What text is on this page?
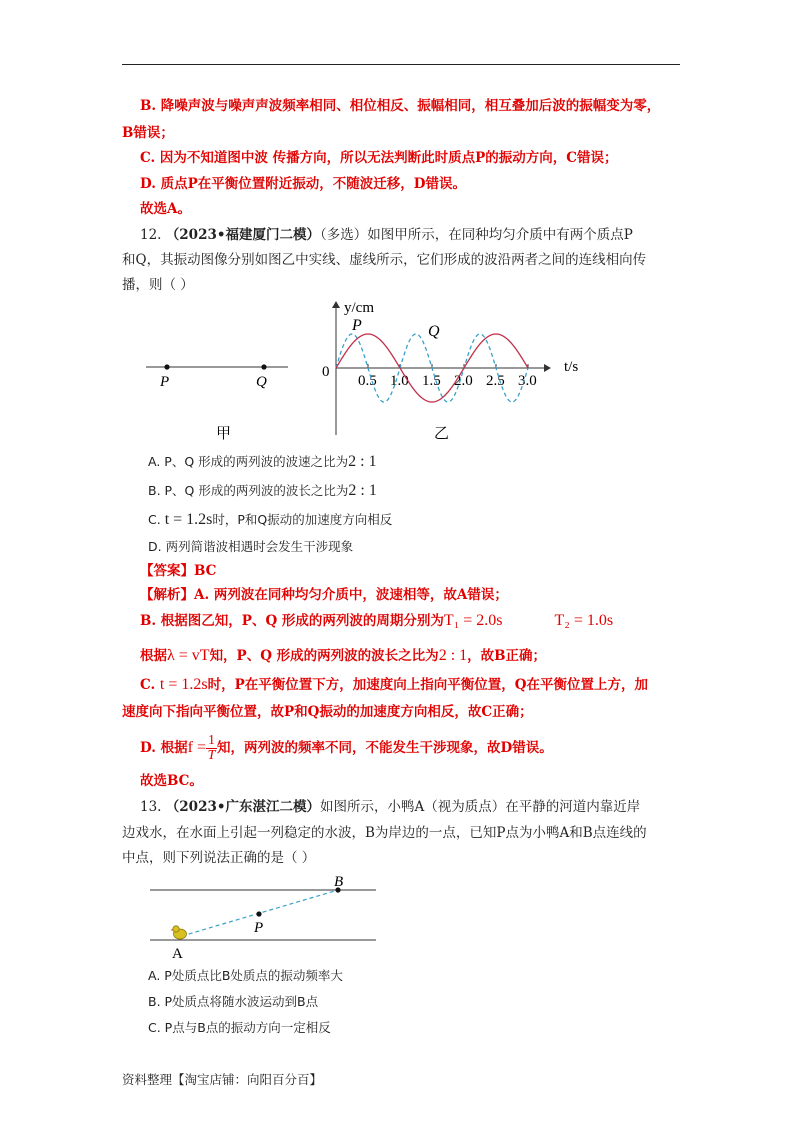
B. 降噪声波与噪声声波频率相同、相位相反、振幅相同，相互叠加后波的振幅变为零，
B错误；
C. 因为不知道图中波 传播方向，所以无法判断此时质点P的振动方向，C错误；
D. 质点P在平衡位置附近振动，不随波迁移，D错误。
故选A。
12. （2023•福建厦门二模）（多选）如图甲所示，在同种均匀介质中有两个质点P
和Q，其振动图像分别如图乙中实线、虚线所示，它们形成的波沿两者之间的连线相向传
播，则（ ）
P	Q
甲
y/cm
t/s
0
0.5 1.0 1.5 2.0 2.5 3.0
P	Q
乙
A. P、Q 形成的两列波的波速之比为2 : 1
B. P、Q 形成的两列波的波长之比为2 : 1
C. t = 1.2s时，P和Q振动的加速度方向相反
D. 两列简谐波相遇时会发生干涉现象
【答案】BC
【解析】A. 两列波在同种均匀介质中，波速相等，故A错误；
B. 根据图乙知，P、Q 形成的两列波的周期分别为T₁ = 2.0s	T₂ = 1.0s
根据λ = vT知，P、Q 形成的两列波的波长之比为2 : 1，故B正确；
C. t = 1.2s时，P在平衡位置下方，加速度向上指向平衡位置，Q在平衡位置上方，加
速度向下指向平衡位置，故P和Q振动的加速度方向相反，故C正确；
D. 根据$f = \frac{1}{T}$ 知，两列波的频率不同，不能发生干涉现象，故D错误。
故选BC。
13. （2023•广东湛江二模）如图所示，小鸭A（视为质点）在平静的河道内靠近岸
边戏水，在水面上引起一列稳定的水波，B为岸边的一点，已知P点为小鸭A和B点连线的
中点，则下列说法正确的是（ ）
B
P
A
A. P处质点比B处质点的振动频率大
B. P处质点将随水波运动到B点
C. P点与B点的振动方向一定相反
资料整理【淘宝店铺：向阳百分百】
